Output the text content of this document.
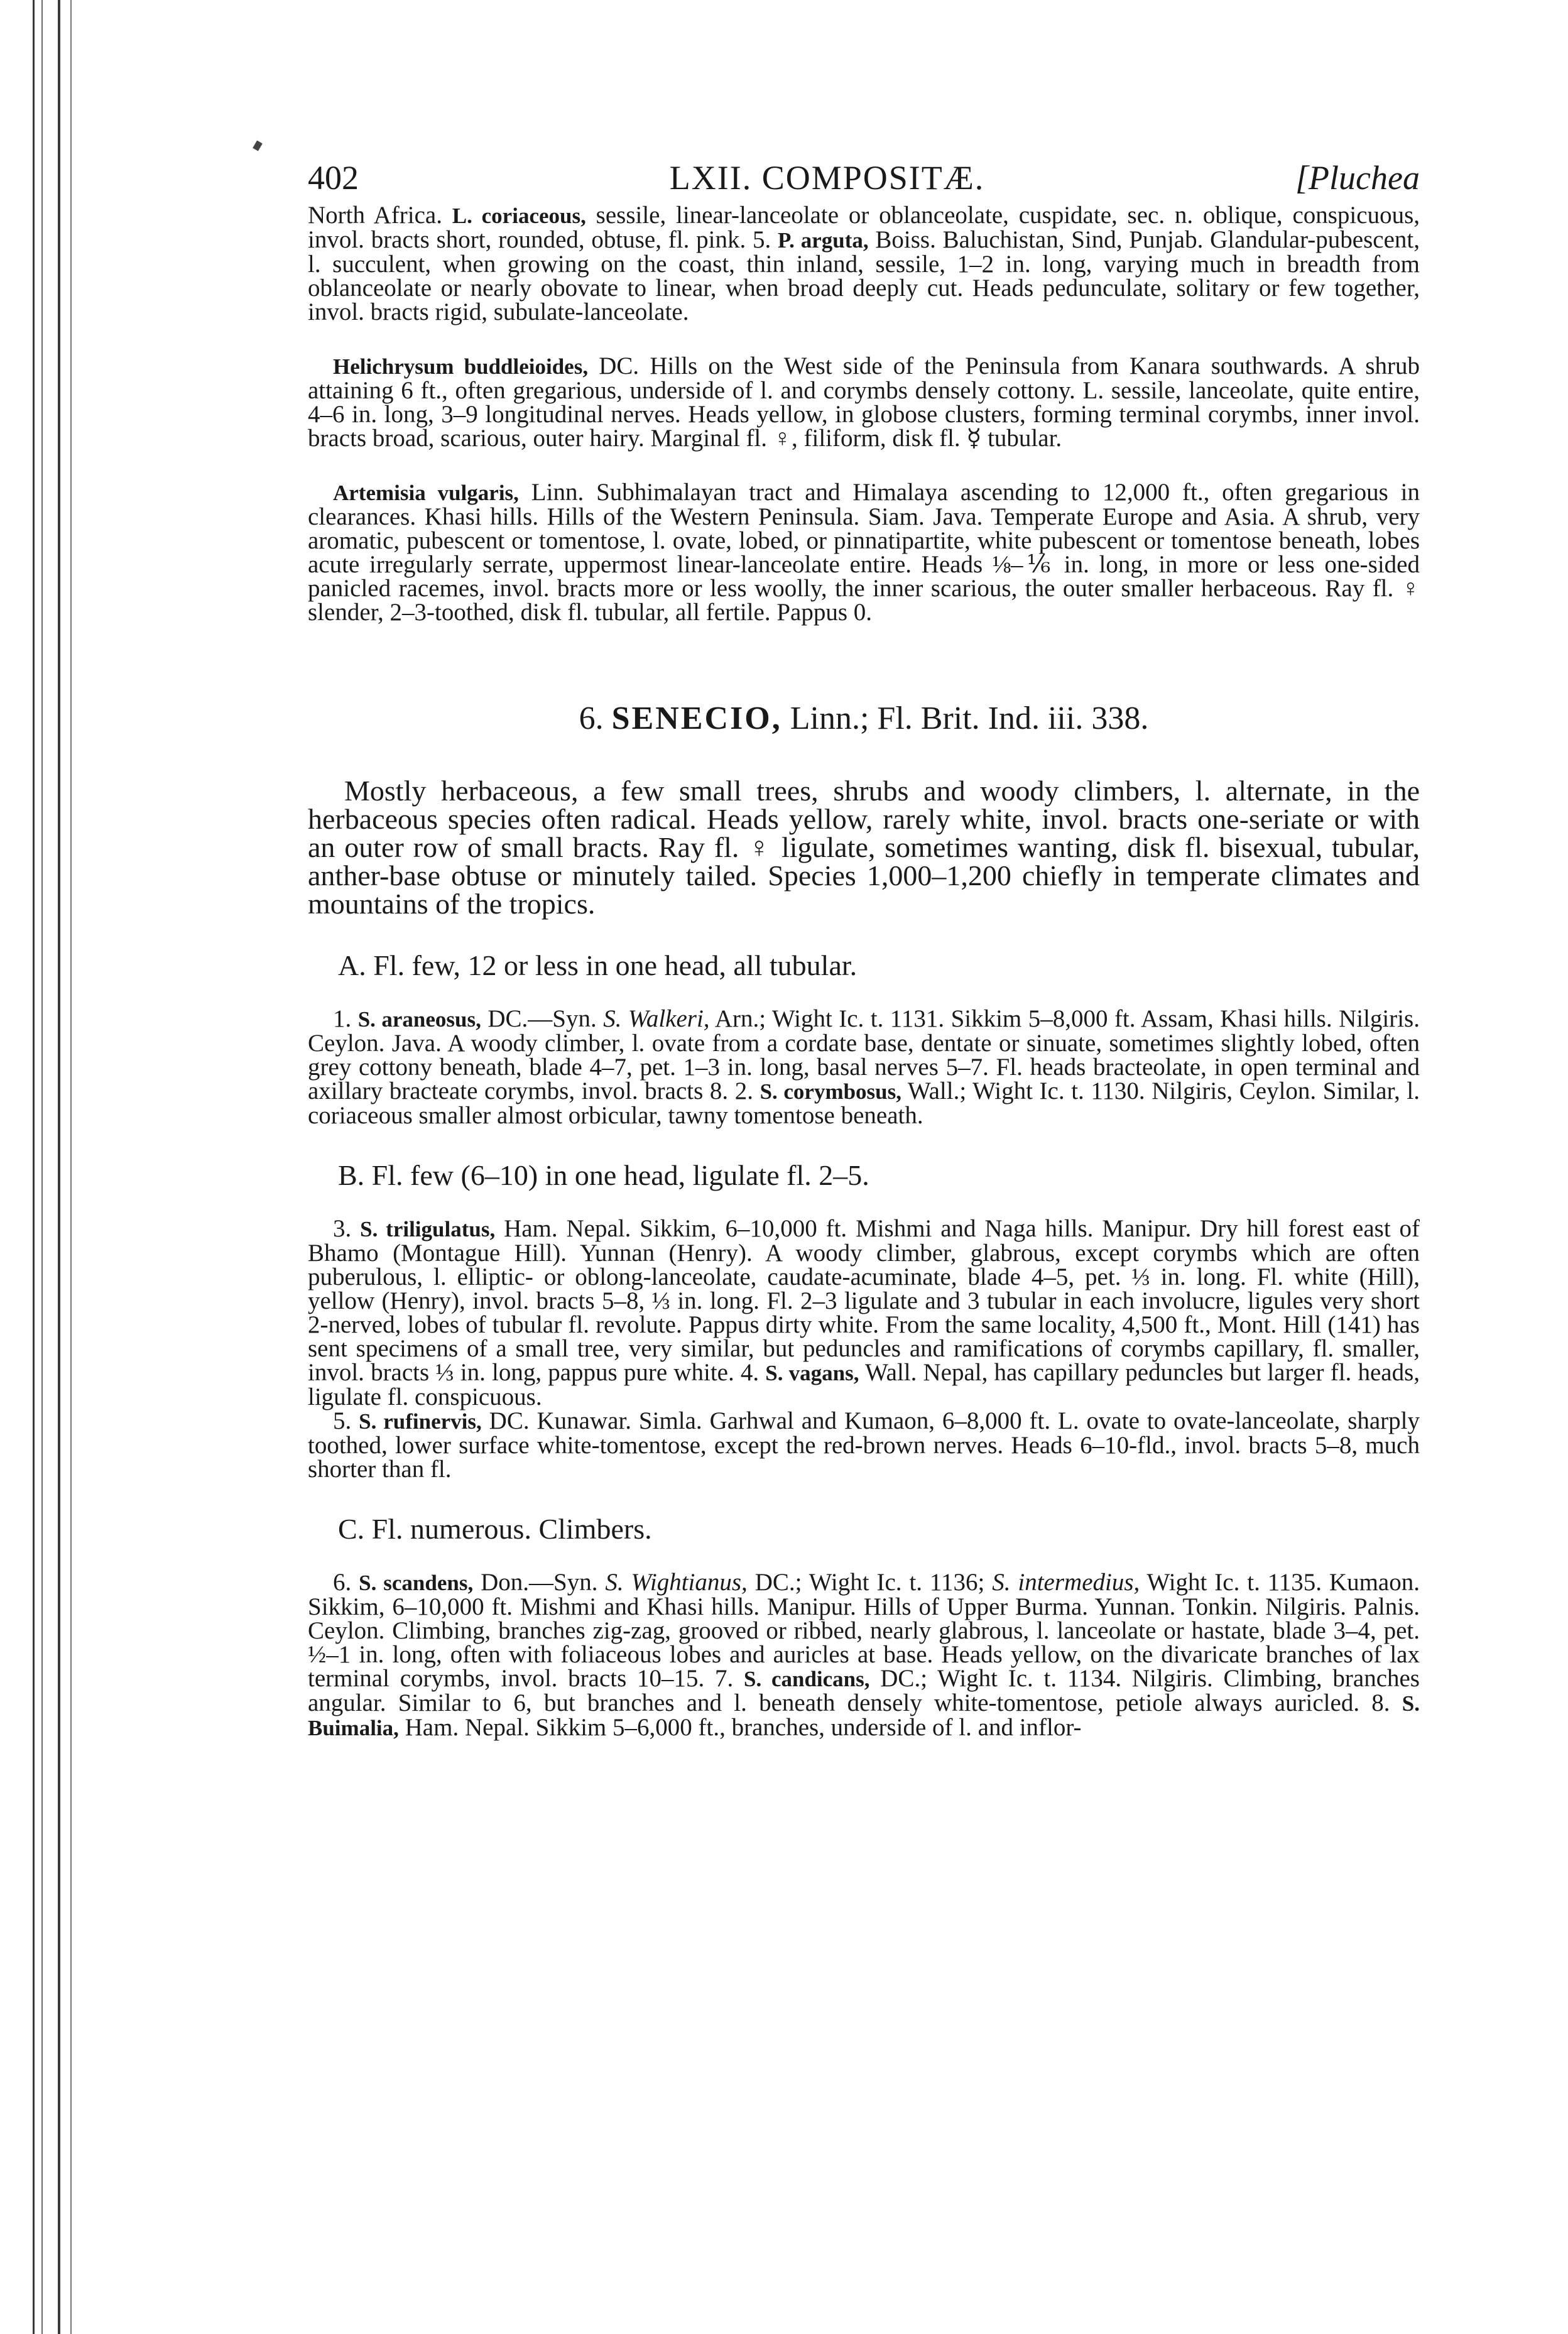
402	LXII. COMPOSITÆ.	[Pluchea

North Africa. L. coriaceous, sessile, linear-lanceolate or oblanceolate, cuspidate, sec. n. oblique, conspicuous, invol. bracts short, rounded, obtuse, fl. pink. 5. P. arguta, Boiss. Baluchistan, Sind, Punjab. Glandular-pubescent, l. succulent, when growing on the coast, thin inland, sessile, 1–2 in. long, varying much in breadth from oblanceolate or nearly obovate to linear, when broad deeply cut. Heads pedunculate, solitary or few together, invol. bracts rigid, subulate-lanceolate.

Helichrysum buddleioides, DC. Hills on the West side of the Peninsula from Kanara southwards. A shrub attaining 6 ft., often gregarious, underside of l. and corymbs densely cottony. L. sessile, lanceolate, quite entire, 4–6 in. long, 3–9 longitudinal nerves. Heads yellow, in globose clusters, forming terminal corymbs, inner invol. bracts broad, scarious, outer hairy. Marginal fl. ♀, filiform, disk fl. ☿ tubular.

Artemisia vulgaris, Linn. Subhimalayan tract and Himalaya ascending to 12,000 ft., often gregarious in clearances. Khasi hills. Hills of the Western Peninsula. Siam. Java. Temperate Europe and Asia. A shrub, very aromatic, pubescent or tomentose, l. ovate, lobed, or pinnatipartite, white pubescent or tomentose beneath, lobes acute irregularly serrate, uppermost linear-lanceolate entire. Heads ⅛–⅙ in. long, in more or less one-sided panicled racemes, invol. bracts more or less woolly, the inner scarious, the outer smaller herbaceous. Ray fl. ♀ slender, 2–3-toothed, disk fl. tubular, all fertile. Pappus 0.

6. SENECIO, Linn.; Fl. Brit. Ind. iii. 338.

Mostly herbaceous, a few small trees, shrubs and woody climbers, l. alternate, in the herbaceous species often radical. Heads yellow, rarely white, invol. bracts one-seriate or with an outer row of small bracts. Ray fl. ♀ ligulate, sometimes wanting, disk fl. bisexual, tubular, anther-base obtuse or minutely tailed. Species 1,000–1,200 chiefly in temperate climates and mountains of the tropics.

A. Fl. few, 12 or less in one head, all tubular.

1. S. araneosus, DC.—Syn. S. Walkeri, Arn.; Wight Ic. t. 1131. Sikkim 5–8,000 ft. Assam, Khasi hills. Nilgiris. Ceylon. Java. A woody climber, l. ovate from a cordate base, dentate or sinuate, sometimes slightly lobed, often grey cottony beneath, blade 4–7, pet. 1–3 in. long, basal nerves 5–7. Fl. heads bracteolate, in open terminal and axillary bracteate corymbs, invol. bracts 8. 2. S. corymbosus, Wall.; Wight Ic. t. 1130. Nilgiris, Ceylon. Similar, l. coriaceous smaller almost orbicular, tawny tomentose beneath.

B. Fl. few (6–10) in one head, ligulate fl. 2–5.

3. S. triligulatus, Ham. Nepal. Sikkim, 6–10,000 ft. Mishmi and Naga hills. Manipur. Dry hill forest east of Bhamo (Montague Hill). Yunnan (Henry). A woody climber, glabrous, except corymbs which are often puberulous, l. elliptic- or oblong-lanceolate, caudate-acuminate, blade 4–5, pet. ⅓ in. long. Fl. white (Hill), yellow (Henry), invol. bracts 5–8, ⅓ in. long. Fl. 2–3 ligulate and 3 tubular in each involucre, ligules very short 2-nerved, lobes of tubular fl. revolute. Pappus dirty white. From the same locality, 4,500 ft., Mont. Hill (141) has sent specimens of a small tree, very similar, but peduncles and ramifications of corymbs capillary, fl. smaller, invol. bracts ⅓ in. long, pappus pure white. 4. S. vagans, Wall. Nepal, has capillary peduncles but larger fl. heads, ligulate fl. conspicuous.

5. S. rufinervis, DC. Kunawar. Simla. Garhwal and Kumaon, 6–8,000 ft. L. ovate to ovate-lanceolate, sharply toothed, lower surface white-tomentose, except the red-brown nerves. Heads 6–10-fld., invol. bracts 5–8, much shorter than fl.

C. Fl. numerous. Climbers.

6. S. scandens, Don.—Syn. S. Wightianus, DC.; Wight Ic. t. 1136; S. intermedius, Wight Ic. t. 1135. Kumaon. Sikkim, 6–10,000 ft. Mishmi and Khasi hills. Manipur. Hills of Upper Burma. Yunnan. Tonkin. Nilgiris. Palnis. Ceylon. Climbing, branches zig-zag, grooved or ribbed, nearly glabrous, l. lanceolate or hastate, blade 3–4, pet. ½–1 in. long, often with foliaceous lobes and auricles at base. Heads yellow, on the divaricate branches of lax terminal corymbs, invol. bracts 10–15. 7. S. candicans, DC.; Wight Ic. t. 1134. Nilgiris. Climbing, branches angular. Similar to 6, but branches and l. beneath densely white-tomentose, petiole always auricled. 8. S. Buimalia, Ham. Nepal. Sikkim 5–6,000 ft., branches, underside of l. and inflor-
